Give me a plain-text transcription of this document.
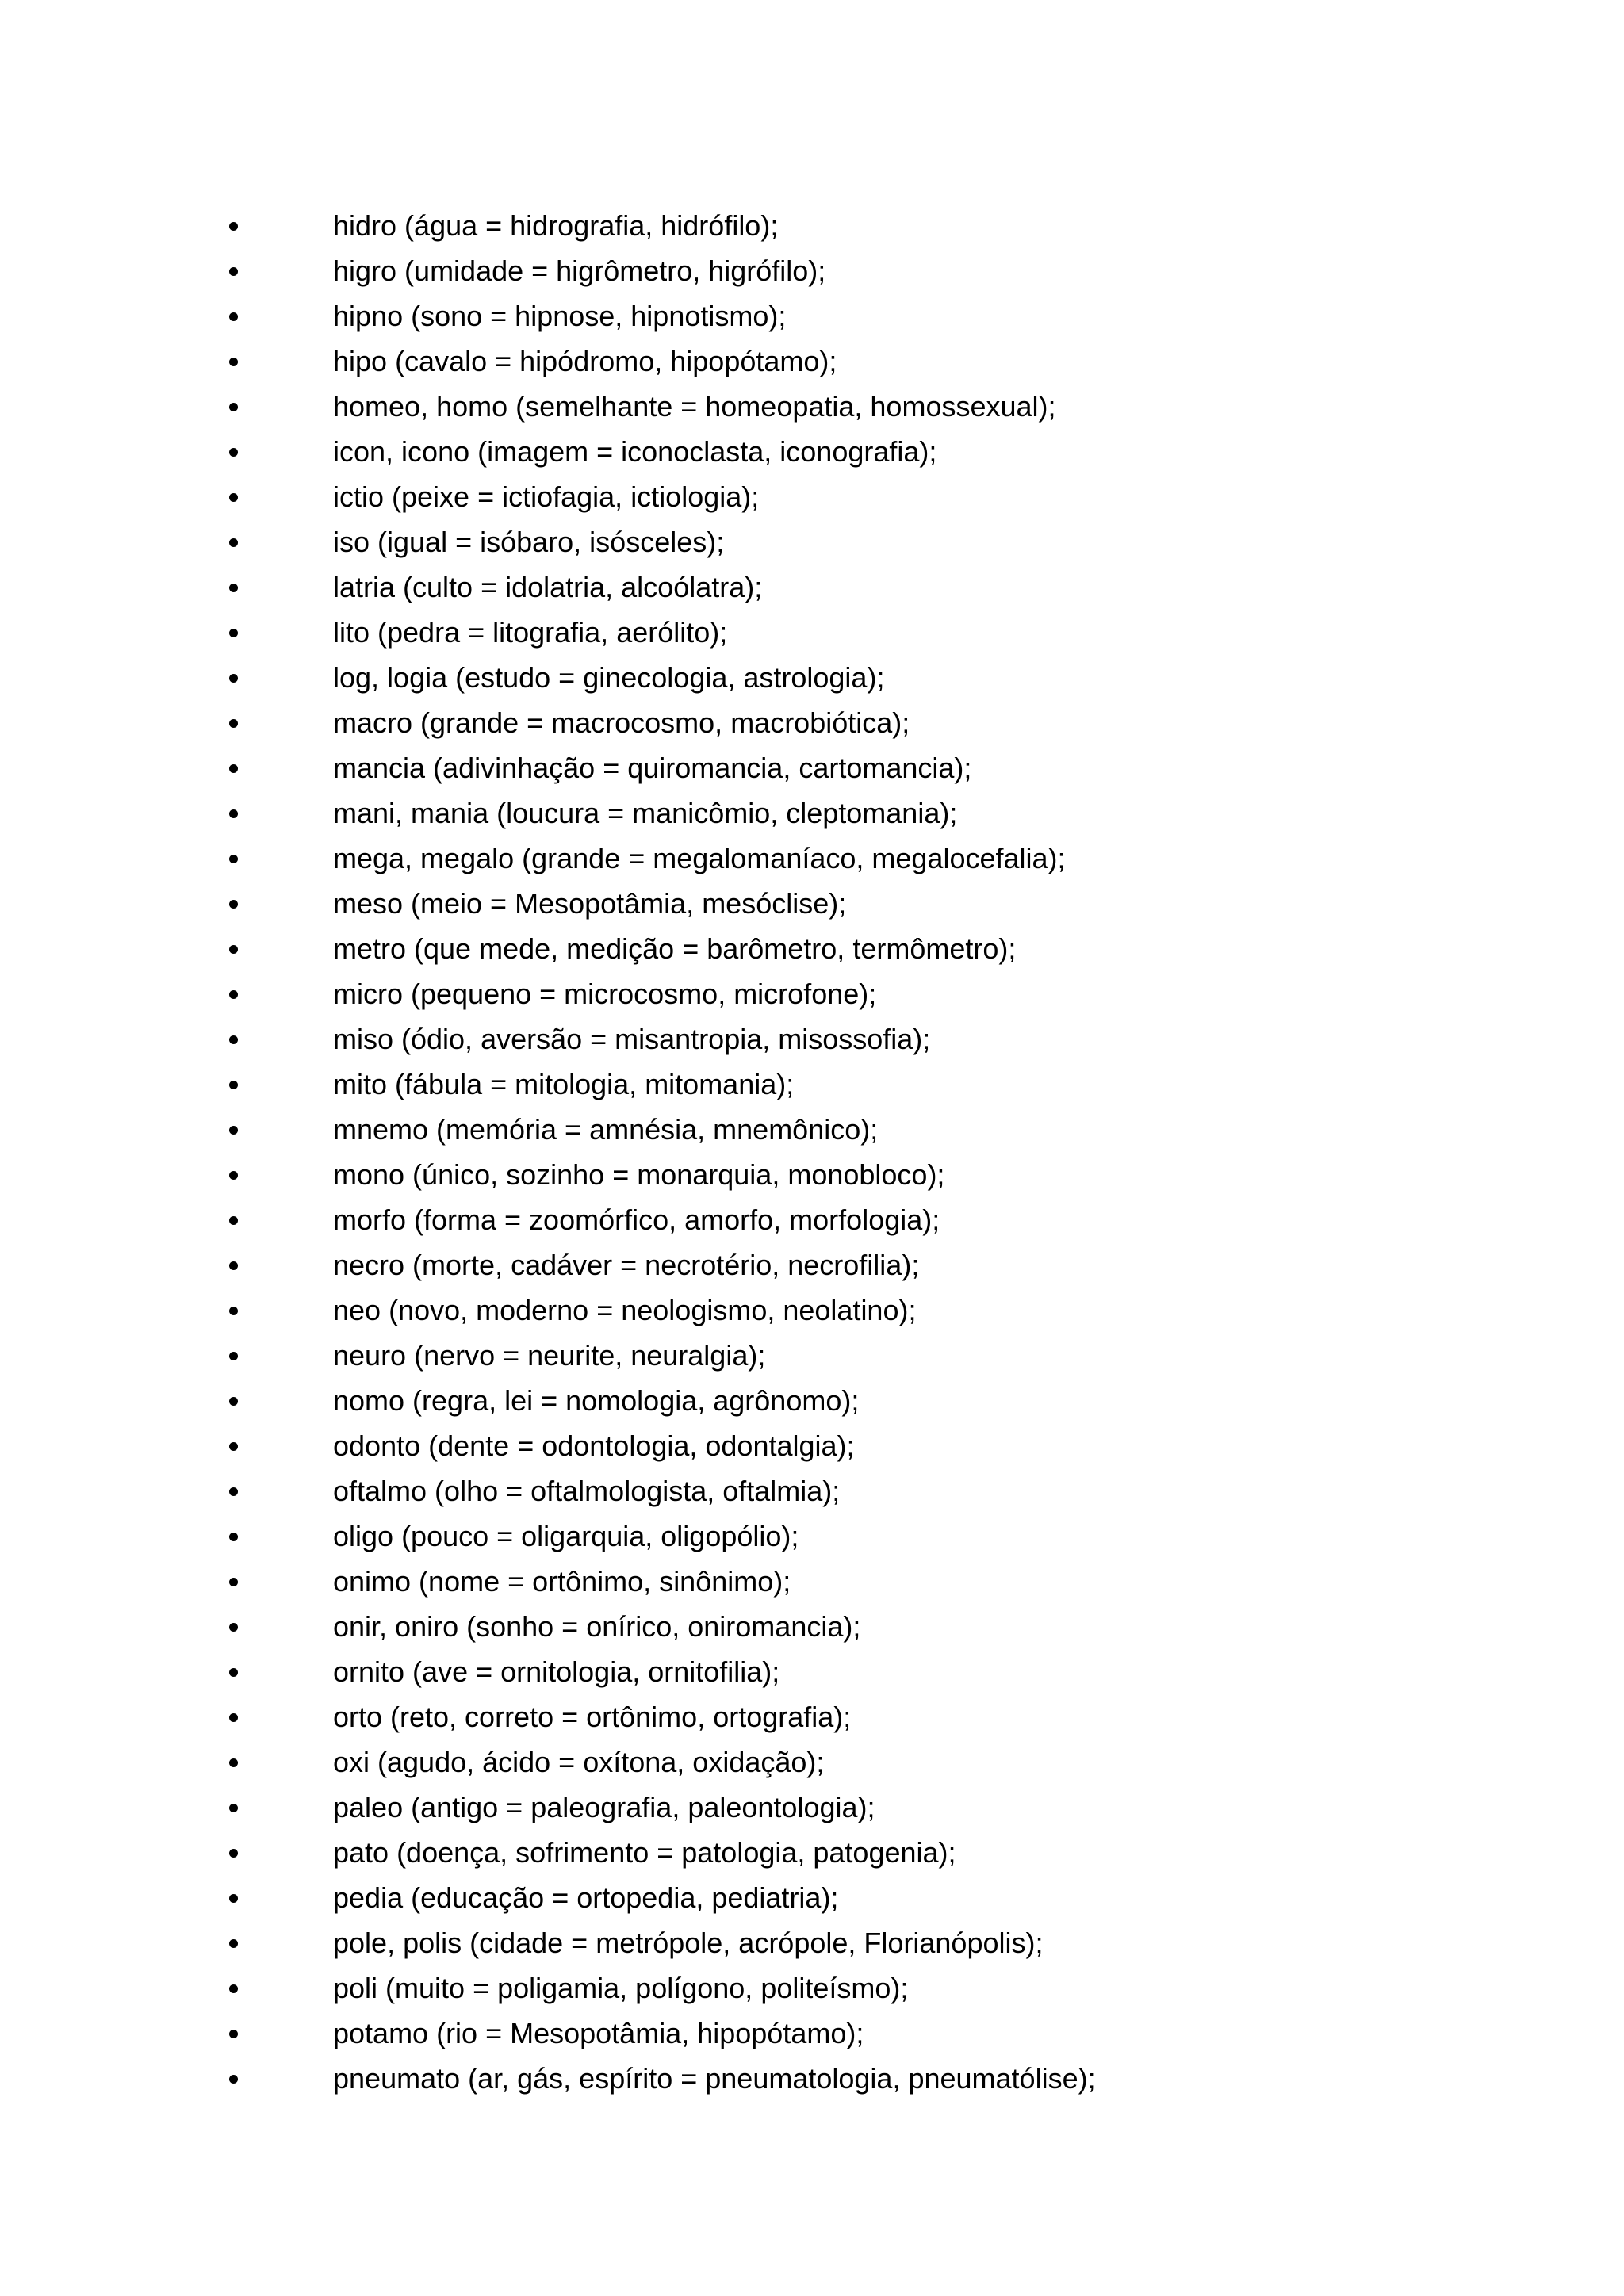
hidro (água = hidrografia, hidrófilo);
higro (umidade = higrômetro, higrófilo);
hipno (sono = hipnose, hipnotismo);
hipo (cavalo = hipódromo, hipopótamo);
homeo, homo (semelhante = homeopatia, homossexual);
icon, icono (imagem = iconoclasta, iconografia);
ictio (peixe = ictiofagia, ictiologia);
iso (igual = isóbaro, isósceles);
latria (culto = idolatria, alcoólatra);
lito (pedra = litografia, aerólito);
log, logia (estudo = ginecologia, astrologia);
macro (grande = macrocosmo, macrobiótica);
mancia (adivinhação = quiromancia, cartomancia);
mani, mania (loucura = manicômio, cleptomania);
mega, megalo (grande = megalomaníaco, megalocefalia);
meso (meio = Mesopotâmia, mesóclise);
metro (que mede, medição = barômetro, termômetro);
micro (pequeno = microcosmo, microfone);
miso (ódio, aversão = misantropia, misossofia);
mito (fábula = mitologia, mitomania);
mnemo (memória = amnésia, mnemônico);
mono (único, sozinho = monarquia, monobloco);
morfo (forma = zoomórfico, amorfo, morfologia);
necro (morte, cadáver = necrotério, necrofilia);
neo (novo, moderno = neologismo, neolatino);
neuro (nervo = neurite, neuralgia);
nomo (regra, lei = nomologia, agrônomo);
odonto (dente = odontologia, odontalgia);
oftalmo (olho = oftalmologista, oftalmia);
oligo (pouco = oligarquia, oligopólio);
onimo (nome = ortônimo, sinônimo);
onir, oniro (sonho = onírico, oniromancia);
ornito (ave = ornitologia, ornitofilia);
orto (reto, correto = ortônimo, ortografia);
oxi (agudo, ácido = oxítona, oxidação);
paleo (antigo = paleografia, paleontologia);
pato (doença, sofrimento = patologia, patogenia);
pedia (educação = ortopedia, pediatria);
pole, polis (cidade = metrópole, acrópole, Florianópolis);
poli (muito = poligamia, polígono, politeísmo);
potamo (rio = Mesopotâmia, hipopótamo);
pneumato (ar, gás, espírito = pneumatologia, pneumatólise);
